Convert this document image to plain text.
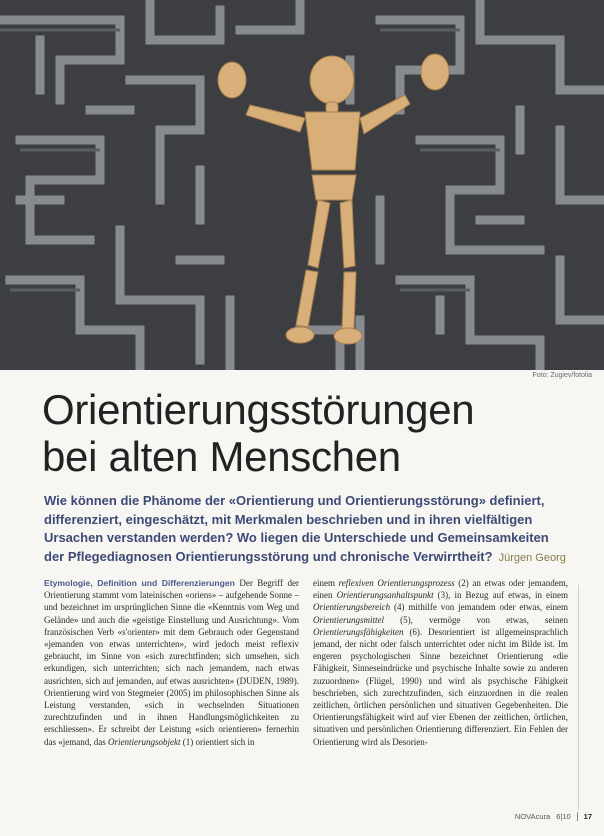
Foto: Zugiev/fotolia
Orientierungsstörungen
bei alten Menschen

Wie können die Phänome der «Orientierung und Orientierungsstörung» definiert, differenziert, eingeschätzt, mit Merkmalen beschrieben und in ihren vielfältigen Ursachen verstanden werden? Wo liegen die Unterschiede und Gemeinsamkeiten der Pflegediagnosen Orientierungsstörung und chronische Verwirrtheit? Jürgen Georg

Etymologie, Definition und Differenzierungen Der Begriff der Orientierung stammt vom lateinischen «oriens» – aufgehende Sonne – und bezeichnet im ursprünglichen Sinne die «Kenntnis vom Weg und Gelände» und auch die «geistige Einstellung und Ausrichtung». Vom französischen Verb «s'orienter» mit dem Gebrauch oder Gegenstand «jemanden von etwas unterrichten», wird jedoch meist reflexiv gebraucht, im Sinne von «sich zurechtfinden; sich umsehen, sich erkundigen, sich unterrichten; sich nach jemandem, nach etwas ausrichten, sich auf jemanden, auf etwas ausrichten» (DUDEN, 1989). Orientierung wird von Stegmeier (2005) im philosophischen Sinne als Leistung verstanden, «sich in wechselnden Situationen zurechtzufinden und in ihnen Handlungsmöglichkeiten zu erschliessen». Er schreibt der Leistung «sich orientieren» fernerhin das «jemand, das Orientierungsobjekt (1) orientiert sich in

einem reflexiven Orientierungsprozess (2) an etwas oder jemandem, einen Orientierungsanhaltspunkt (3), in Bezug auf etwas, in einem Orientierungsbereich (4) mithilfe von jemandem oder etwas, einem Orientierungsmittel (5), vermöge von etwas, seinen Orientierungsfähigkeiten (6). Desorientiert ist allgemeinsprachlich jemand, der nicht oder falsch unterrichtet oder nicht im Bilde ist. Im engeren psychologischen Sinne bezeichnet Orientierung «die Fähigkeit, Sinneseindrücke und psychische Inhalte sowie zu anderen zuzuordnen» (Flügel, 1990) und wird als psychische Fähigkeit beschrieben, sich zurechtzufinden, sich einzuordnen in die realen zeitlichen, örtlichen persönlichen und situativen Gegebenheiten. Die Orientierungsfähigkeit wird auf vier Ebenen der zeitlichen, örtlichen, situativen und persönlichen Orientierung differenziert. Ein Fehlen der Orientierung wird als Desorien-

NOVAcura 6|10 17
